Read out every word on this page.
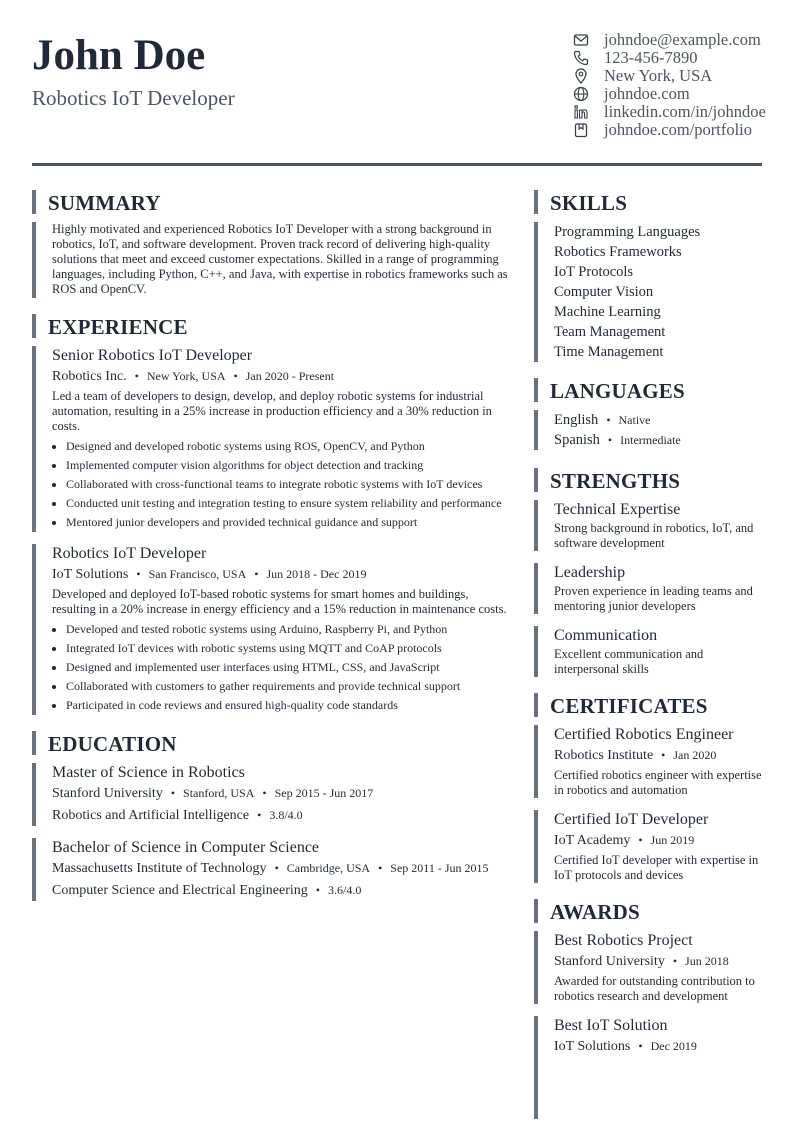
John Doe
Robotics IoT Developer
johndoe@example.com
123-456-7890
New York, USA
johndoe.com
linkedin.com/in/johndoe
johndoe.com/portfolio
SUMMARY
Highly motivated and experienced Robotics IoT Developer with a strong background in robotics, IoT, and software development. Proven track record of delivering high-quality solutions that meet and exceed customer expectations. Skilled in a range of programming languages, including Python, C++, and Java, with expertise in robotics frameworks such as ROS and OpenCV.
EXPERIENCE
Senior Robotics IoT Developer
Robotics Inc. • New York, USA • Jan 2020 - Present
Led a team of developers to design, develop, and deploy robotic systems for industrial automation, resulting in a 25% increase in production efficiency and a 30% reduction in costs.
• Designed and developed robotic systems using ROS, OpenCV, and Python
• Implemented computer vision algorithms for object detection and tracking
• Collaborated with cross-functional teams to integrate robotic systems with IoT devices
• Conducted unit testing and integration testing to ensure system reliability and performance
• Mentored junior developers and provided technical guidance and support
Robotics IoT Developer
IoT Solutions • San Francisco, USA • Jun 2018 - Dec 2019
Developed and deployed IoT-based robotic systems for smart homes and buildings, resulting in a 20% increase in energy efficiency and a 15% reduction in maintenance costs.
• Developed and tested robotic systems using Arduino, Raspberry Pi, and Python
• Integrated IoT devices with robotic systems using MQTT and CoAP protocols
• Designed and implemented user interfaces using HTML, CSS, and JavaScript
• Collaborated with customers to gather requirements and provide technical support
• Participated in code reviews and ensured high-quality code standards
EDUCATION
Master of Science in Robotics
Stanford University • Stanford, USA • Sep 2015 - Jun 2017
Robotics and Artificial Intelligence • 3.8/4.0
Bachelor of Science in Computer Science
Massachusetts Institute of Technology • Cambridge, USA • Sep 2011 - Jun 2015
Computer Science and Electrical Engineering • 3.6/4.0
SKILLS
Programming Languages
Robotics Frameworks
IoT Protocols
Computer Vision
Machine Learning
Team Management
Time Management
LANGUAGES
English • Native
Spanish • Intermediate
STRENGTHS
Technical Expertise
Strong background in robotics, IoT, and software development
Leadership
Proven experience in leading teams and mentoring junior developers
Communication
Excellent communication and interpersonal skills
CERTIFICATES
Certified Robotics Engineer
Robotics Institute • Jan 2020
Certified robotics engineer with expertise in robotics and automation
Certified IoT Developer
IoT Academy • Jun 2019
Certified IoT developer with expertise in IoT protocols and devices
AWARDS
Best Robotics Project
Stanford University • Jun 2018
Awarded for outstanding contribution to robotics research and development
Best IoT Solution
IoT Solutions • Dec 2019
